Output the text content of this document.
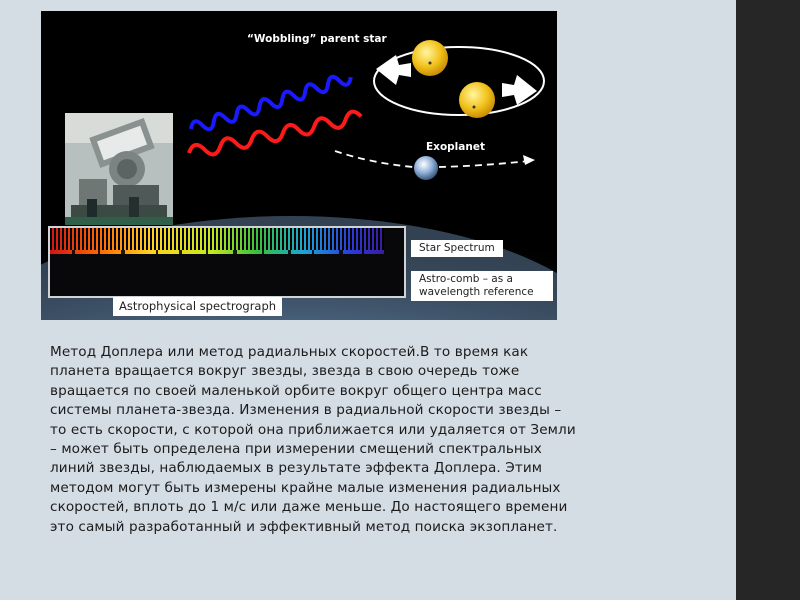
“Wobbling” parent star
Exoplanet
Star Spectrum
Astro-comb – as a wavelength reference
Astrophysical spectrograph
Метод Доплера или метод радиальных скоростей.В то время как
планета вращается вокруг звезды, звезда в свою очередь тоже
вращается по своей маленькой орбите вокруг общего центра масс
системы планета-звезда. Изменения в радиальной скорости звезды –
то есть скорости, с которой она приближается или удаляется от Земли
– может быть определена при измерении смещений спектральных
линий звезды, наблюдаемых в результате эффекта Доплера. Этим
методом могут быть измерены крайне малые изменения радиальных
скоростей, вплоть до 1 м/с или даже меньше. До настоящего времени
это самый разработанный и эффективный метод поиска экзопланет.
